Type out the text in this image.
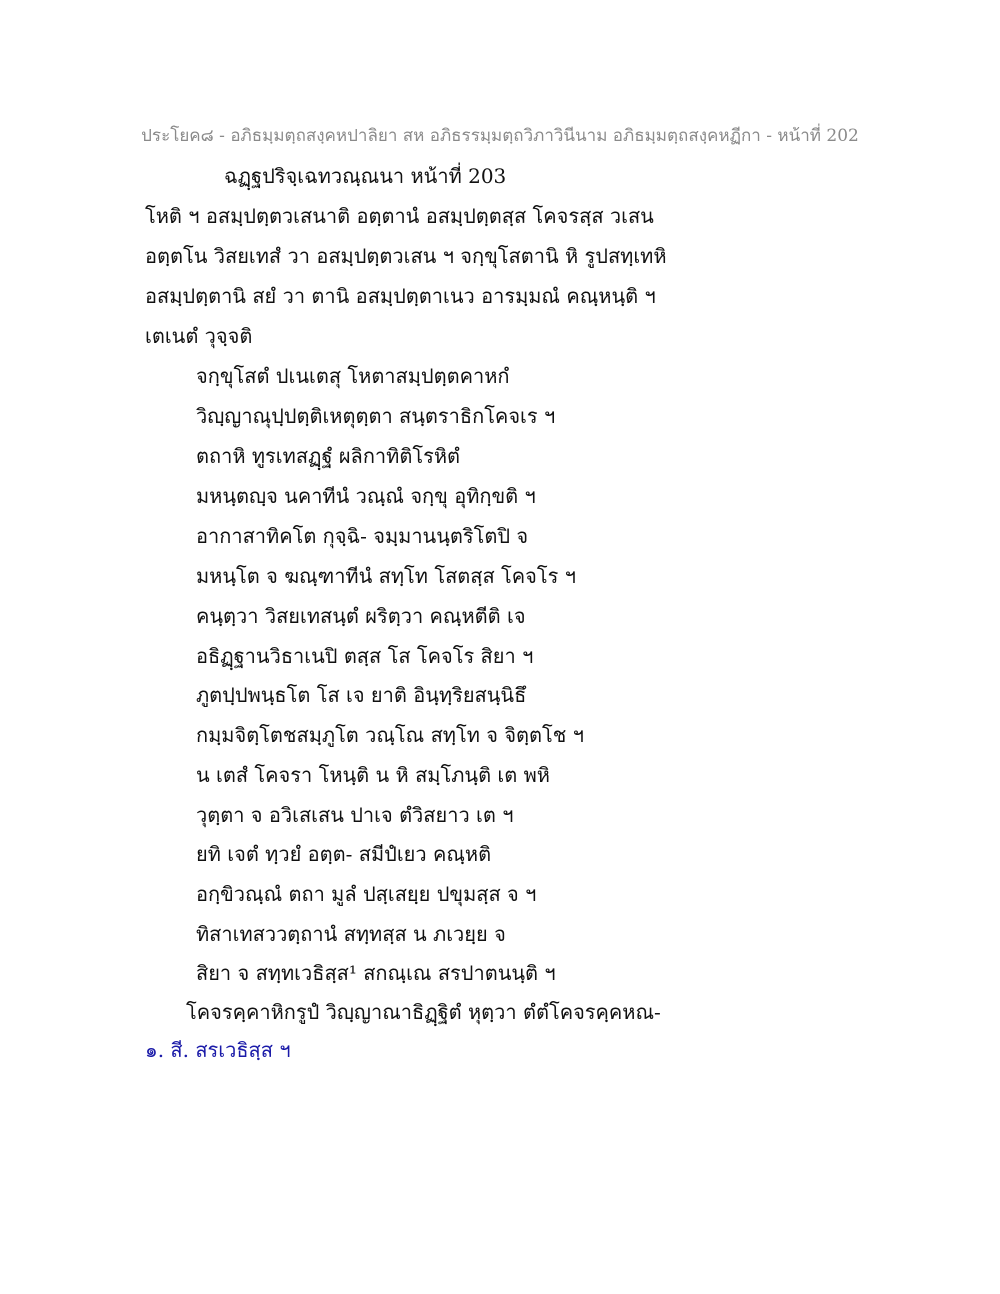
ประโยค๘ - อภิธมฺมตฺถสงฺคหปาลิยา สห อภิธรรมฺมตฺถวิภาวินีนาม อภิธมฺมตฺถสงฺคหฏีกา - หน้าที่ 202
ฉฏฺฐปริจฺเฉทวณฺณนา หน้าที่ 203
โหติ ฯ อสมฺปตฺตวเสนาติ อตฺตานํ อสมฺปตฺตสฺส โคจรสฺส วเสน
อตฺตโน วิสยเทสํ วา อสมฺปตฺตวเสน ฯ จกฺขุโสตานิ หิ รูปสทฺเทหิ
อสมฺปตฺตานิ สยํ วา ตานิ อสมฺปตฺตาเนว อารมฺมณํ คณฺหนฺติ ฯ
เตเนตํ วุจฺจติ
จกฺขุโสตํ ปเนเตสุ โหตาสมฺปตฺตคาหกํ
วิญฺญาณุปฺปตฺติเหตุตฺตา สนฺตราธิกโคจเร ฯ
ตถาหิ ทูรเทสฏฺฐํ ผลิกาทิติโรหิตํ
มหนฺตญฺจ นคาทีนํ วณฺณํ จกฺขุ อุทิกฺขติ ฯ
อากาสาทิคโต กุจฺฉิ- จมฺมานนฺตริโตปิ จ
มหนฺโต จ ฆณฺฑาทีนํ สทฺโท โสตสฺส โคจโร ฯ
คนฺตฺวา วิสยเทสนฺตํ ผริตฺวา คณฺหตีติ เจ
อธิฏฺฐานวิธาเนปิ ตสฺส โส โคจโร สิยา ฯ
ภูตปฺปพนฺธโต โส เจ ยาติ อินฺทฺริยสนฺนิธึ
กมฺมจิตฺโตชสมฺภูโต วณฺโณ สทฺโท จ จิตฺตโช ฯ
น เตสํ โคจรา โหนฺติ น หิ สมฺโภนฺติ เต พหิ
วุตฺตา จ อวิเสเสน ปาเจ ตํวิสยาว เต ฯ
ยทิ เจตํ ทฺวยํ อตฺต- สมีปํเยว คณฺหติ
อกฺขิวณฺณํ ตถา มูลํ ปสฺเสยฺย ปขุมสฺส จ ฯ
ทิสาเทสววตฺถานํ สทฺทสฺส น ภเวยฺย จ
สิยา จ สทฺทเวธิสฺส¹ สกณฺเณ สรปาตนนฺติ ฯ
โคจรคฺคาหิกรูปํ วิญฺญาณาธิฏฺฐิตํ หุตฺวา ตํตํโคจรคฺคหณ-
๑. สี. สรเวธิสฺส ฯ
